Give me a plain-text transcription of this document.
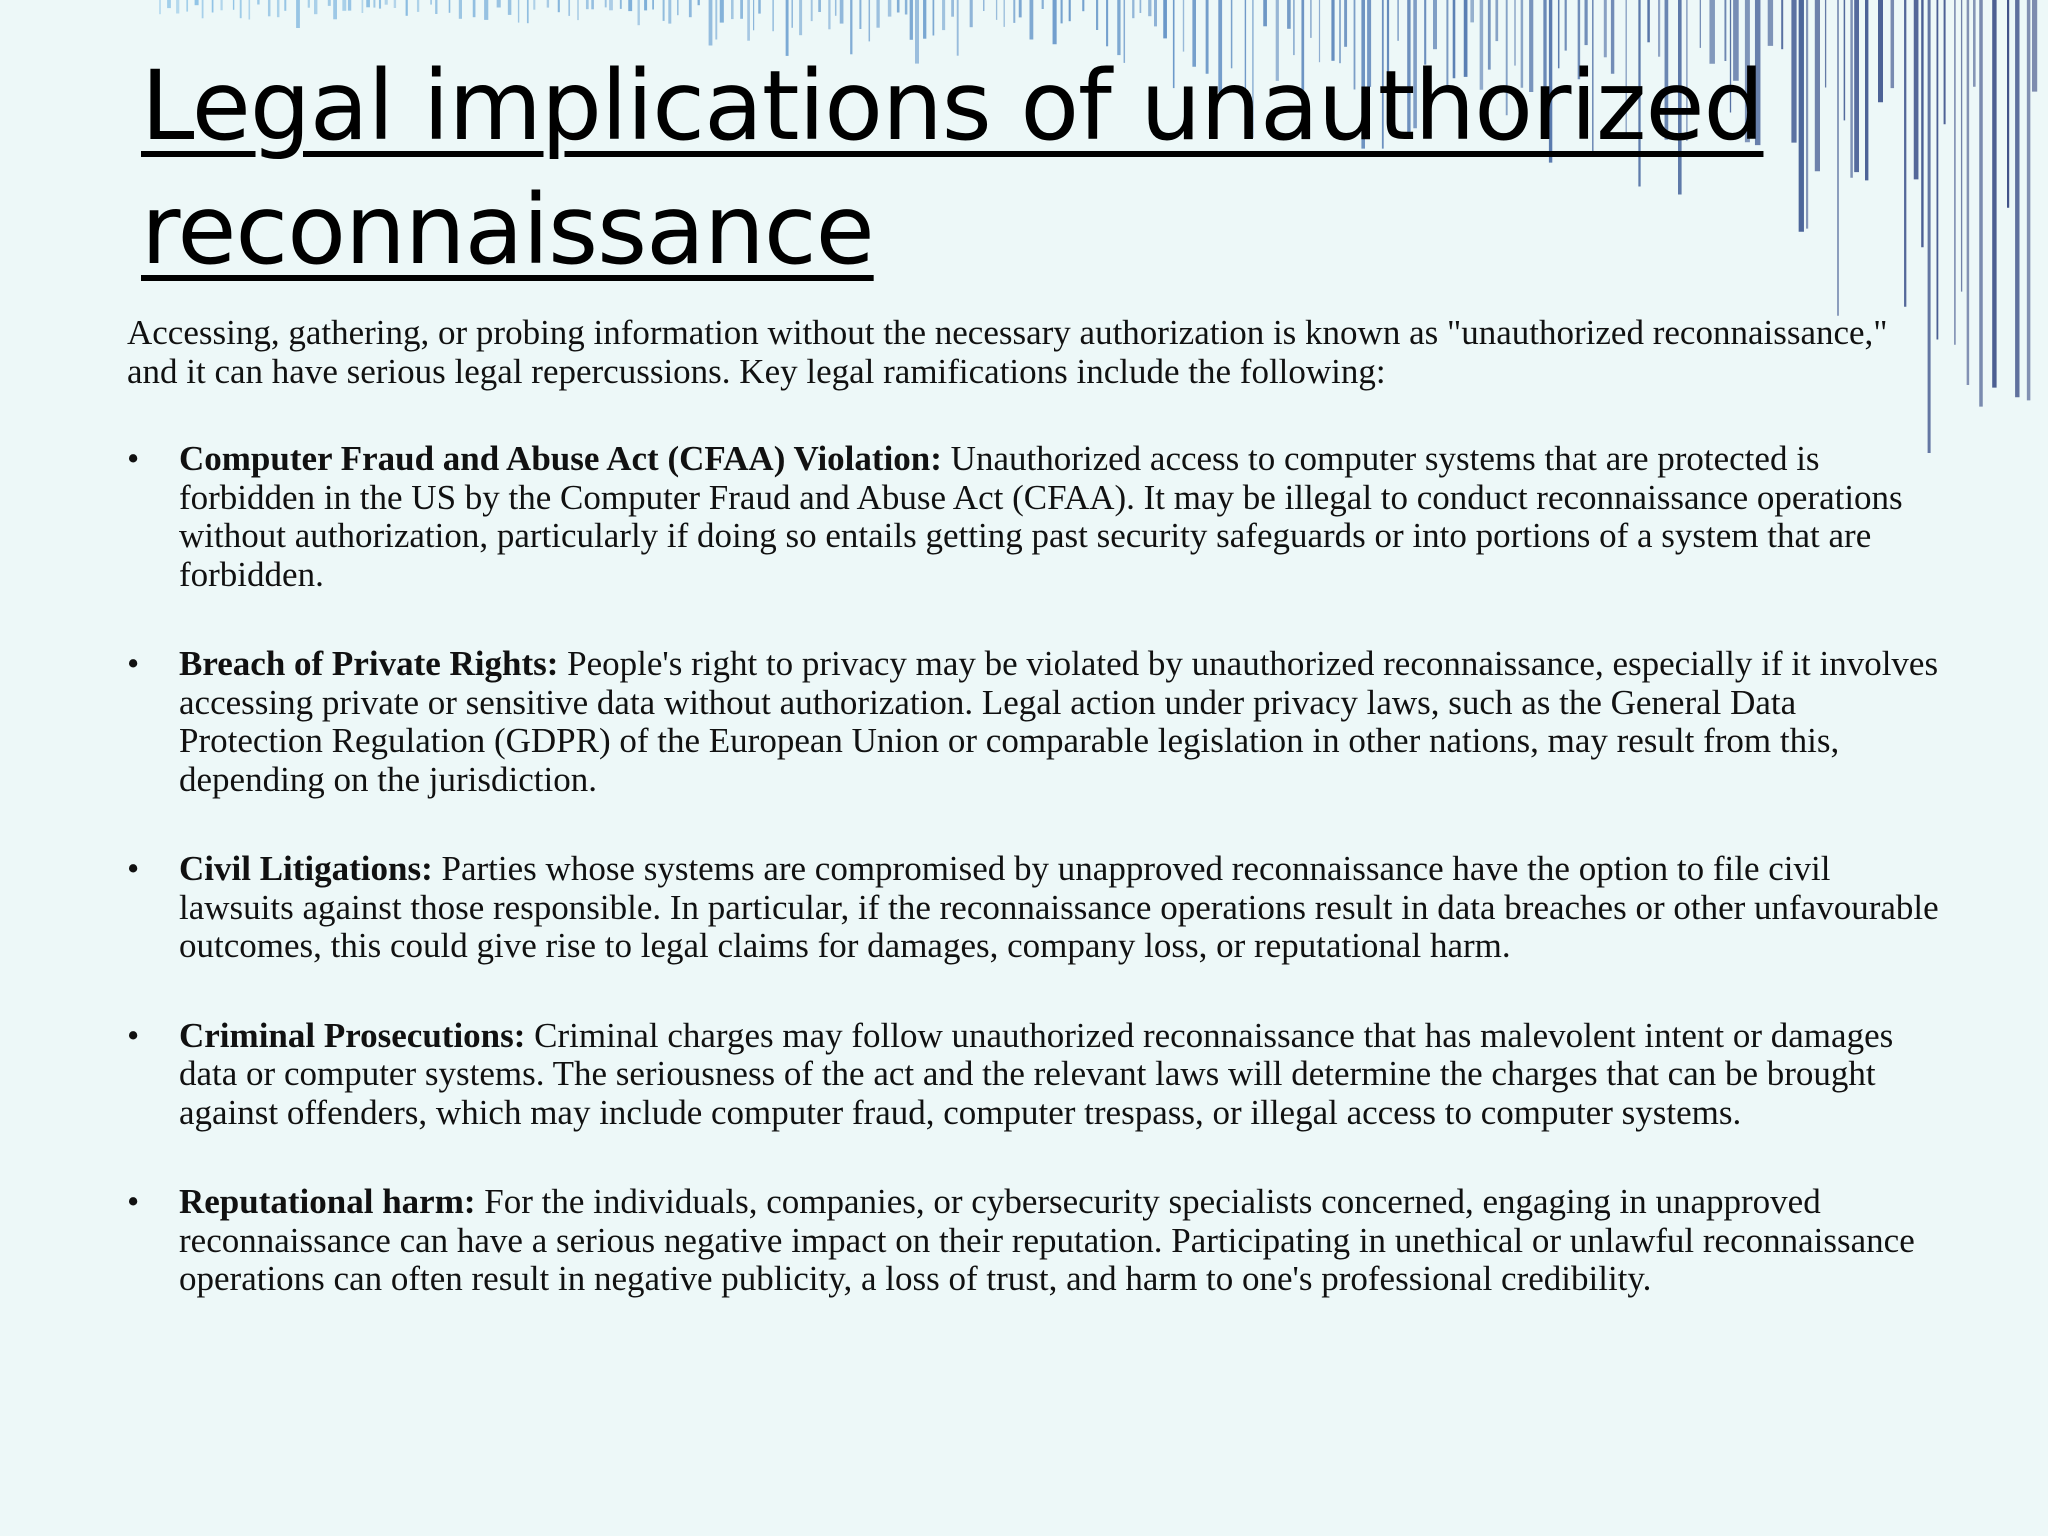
Legal implications of unauthorized reconnaissance

Accessing, gathering, or probing information without the necessary authorization is known as "unauthorized reconnaissance," and it can have serious legal repercussions. Key legal ramifications include the following:

• Computer Fraud and Abuse Act (CFAA) Violation: Unauthorized access to computer systems that are protected is forbidden in the US by the Computer Fraud and Abuse Act (CFAA). It may be illegal to conduct reconnaissance operations without authorization, particularly if doing so entails getting past security safeguards or into portions of a system that are forbidden.
• Breach of Private Rights: People's right to privacy may be violated by unauthorized reconnaissance, especially if it involves accessing private or sensitive data without authorization. Legal action under privacy laws, such as the General Data Protection Regulation (GDPR) of the European Union or comparable legislation in other nations, may result from this, depending on the jurisdiction.
• Civil Litigations: Parties whose systems are compromised by unapproved reconnaissance have the option to file civil lawsuits against those responsible. In particular, if the reconnaissance operations result in data breaches or other unfavourable outcomes, this could give rise to legal claims for damages, company loss, or reputational harm.
• Criminal Prosecutions: Criminal charges may follow unauthorized reconnaissance that has malevolent intent or damages data or computer systems. The seriousness of the act and the relevant laws will determine the charges that can be brought against offenders, which may include computer fraud, computer trespass, or illegal access to computer systems.
• Reputational harm: For the individuals, companies, or cybersecurity specialists concerned, engaging in unapproved reconnaissance can have a serious negative impact on their reputation. Participating in unethical or unlawful reconnaissance operations can often result in negative publicity, a loss of trust, and harm to one's professional credibility.
